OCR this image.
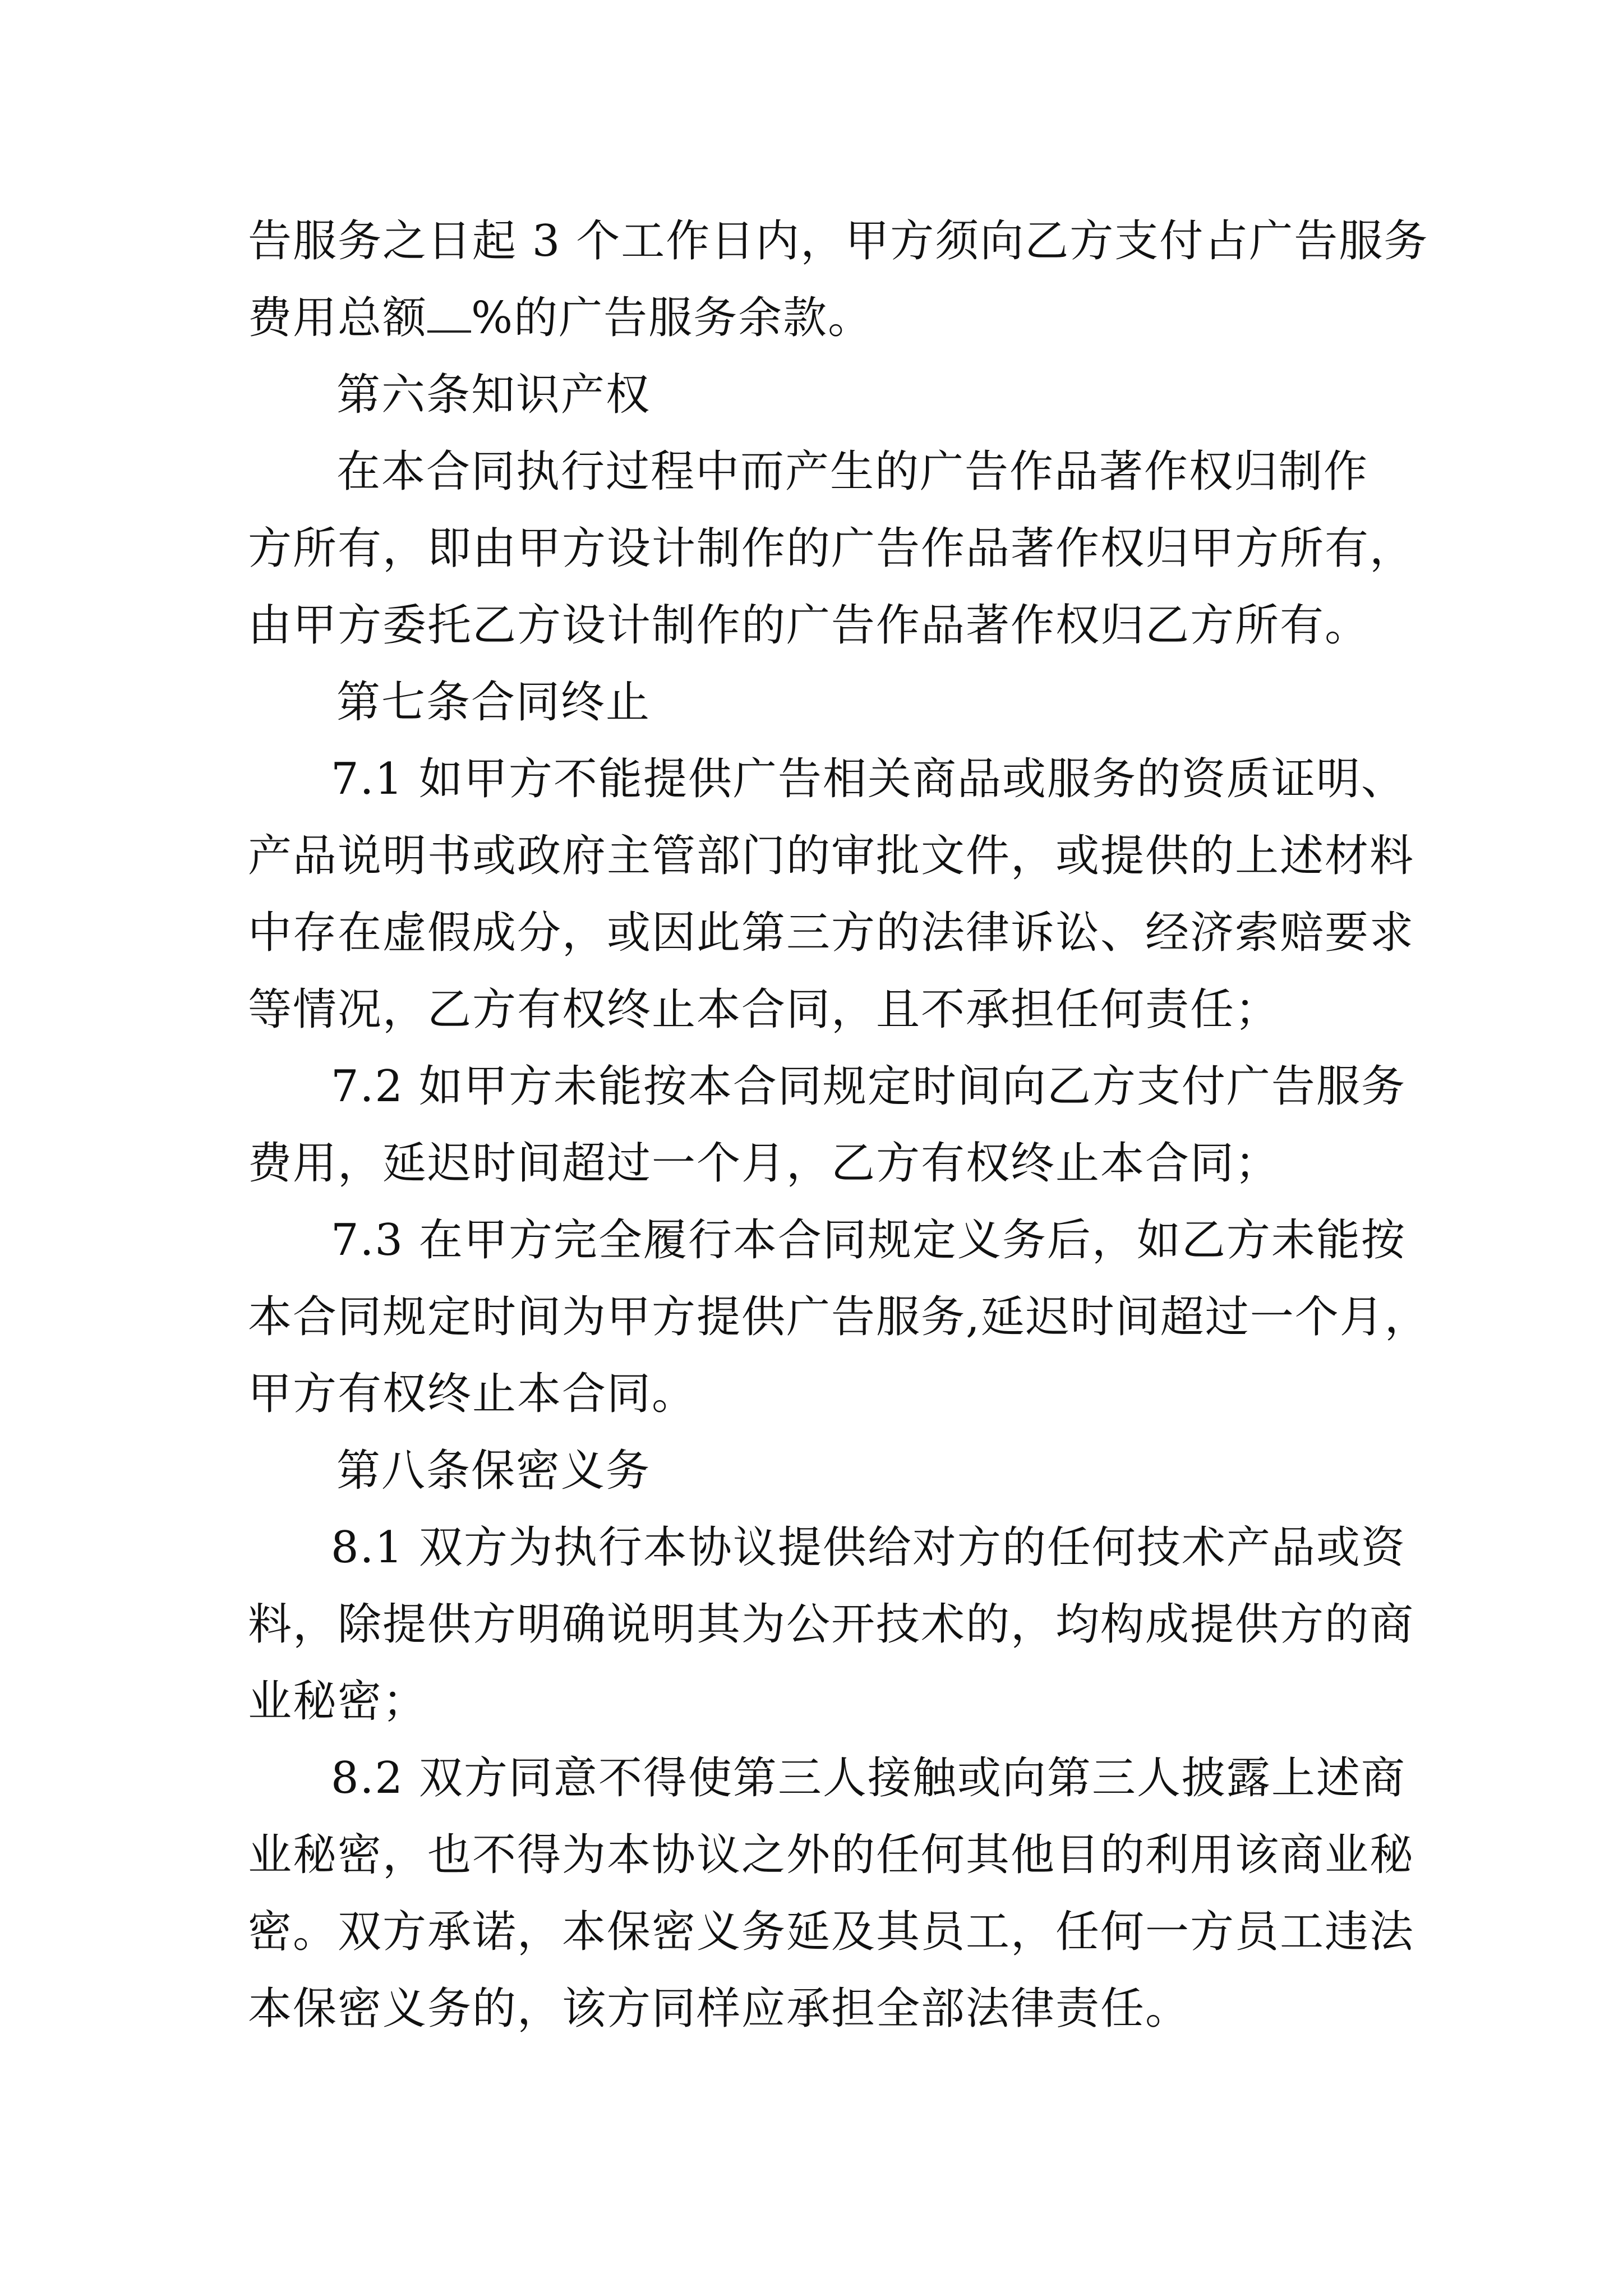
告服务之日起 3 个工作日内，甲方须向乙方支付占广告服务
费用总额 %的广告服务余款。
第六条知识产权
在本合同执行过程中而产生的广告作品著作权归制作
方所有，即由甲方设计制作的广告作品著作权归甲方所有，
由甲方委托乙方设计制作的广告作品著作权归乙方所有。
第七条合同终止
7.1 如甲方不能提供广告相关商品或服务的资质证明、
产品说明书或政府主管部门的审批文件，或提供的上述材料
中存在虚假成分，或因此第三方的法律诉讼、经济索赔要求
等情况，乙方有权终止本合同，且不承担任何责任；
7.2 如甲方未能按本合同规定时间向乙方支付广告服务
费用，延迟时间超过一个月，乙方有权终止本合同；
7.3 在甲方完全履行本合同规定义务后，如乙方未能按
本合同规定时间为甲方提供广告服务,延迟时间超过一个月，
甲方有权终止本合同。
第八条保密义务
8.1 双方为执行本协议提供给对方的任何技术产品或资
料，除提供方明确说明其为公开技术的，均构成提供方的商
业秘密；
8.2 双方同意不得使第三人接触或向第三人披露上述商
业秘密，也不得为本协议之外的任何其他目的利用该商业秘
密。双方承诺，本保密义务延及其员工，任何一方员工违法
本保密义务的，该方同样应承担全部法律责任。
